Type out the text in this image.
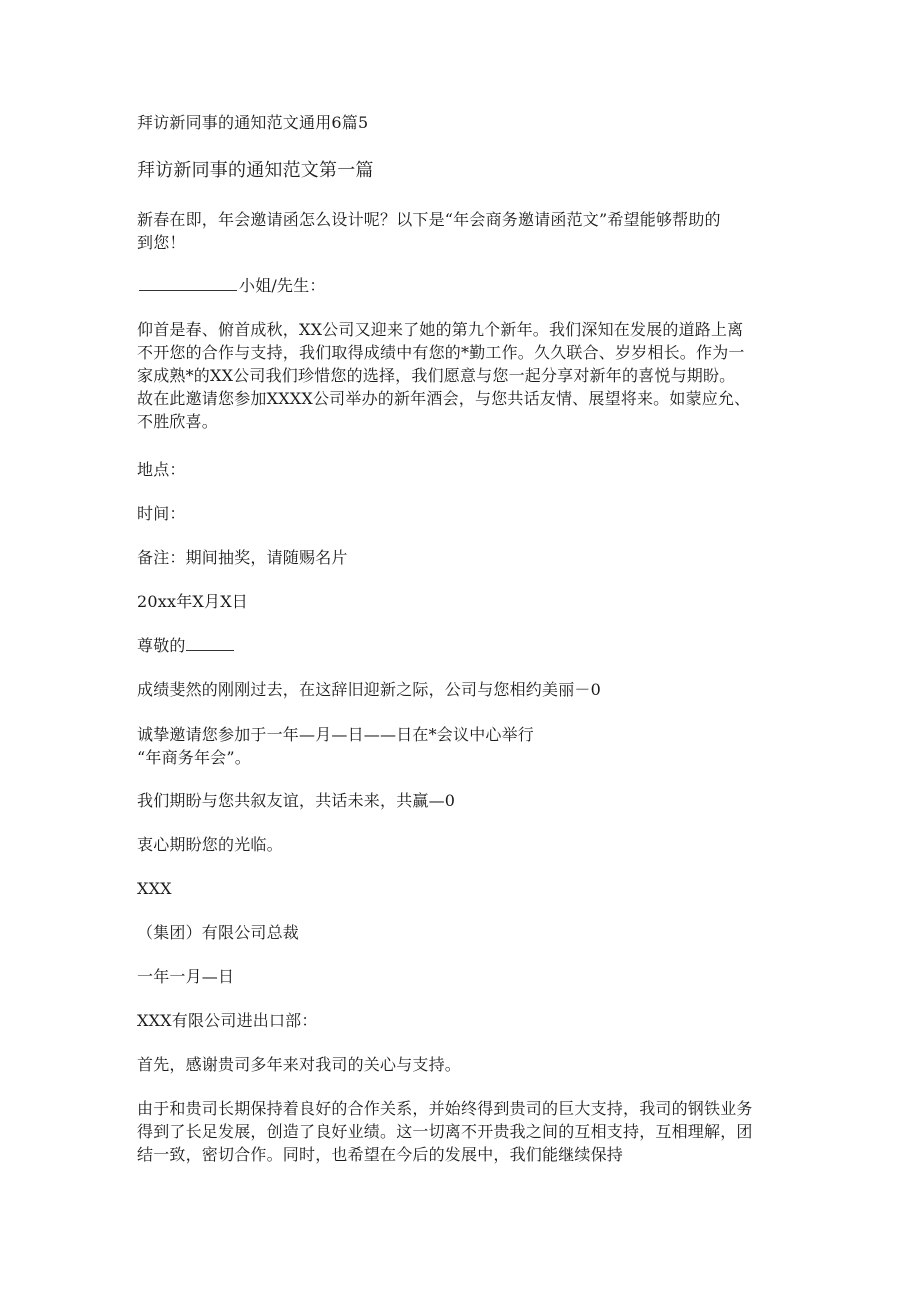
拜访新同事的通知范文通用6篇5
拜访新同事的通知范文第一篇
新春在即，年会邀请函怎么设计呢？以下是“年会商务邀请函范文”希望能够帮助的
到您！
小姐/先生：
仰首是春、俯首成秋，XX公司又迎来了她的第九个新年。我们深知在发展的道路上离
不开您的合作与支持，我们取得成绩中有您的*勤工作。久久联合、岁岁相长。作为一
家成熟*的XX公司我们珍惜您的选择，我们愿意与您一起分享对新年的喜悦与期盼。
故在此邀请您参加XXXX公司举办的新年酒会，与您共话友情、展望将来。如蒙应允、
不胜欣喜。
地点：
时间：
备注：期间抽奖，请随赐名片
20xx年X月X日
尊敬的
成绩斐然的刚刚过去，在这辞旧迎新之际，公司与您相约美丽－0
诚挚邀请您参加于一年—月—日——日在*会议中心举行
“年商务年会”。
我们期盼与您共叙友谊，共话未来，共赢—0
衷心期盼您的光临。
XXX
（集团）有限公司总裁
一年一月—日
XXX有限公司进出口部：
首先，感谢贵司多年来对我司的关心与支持。
由于和贵司长期保持着良好的合作关系，并始终得到贵司的巨大支持，我司的钢铁业务
得到了长足发展，创造了良好业绩。这一切离不开贵我之间的互相支持，互相理解，团
结一致，密切合作。同时，也希望在今后的发展中，我们能继续保持
